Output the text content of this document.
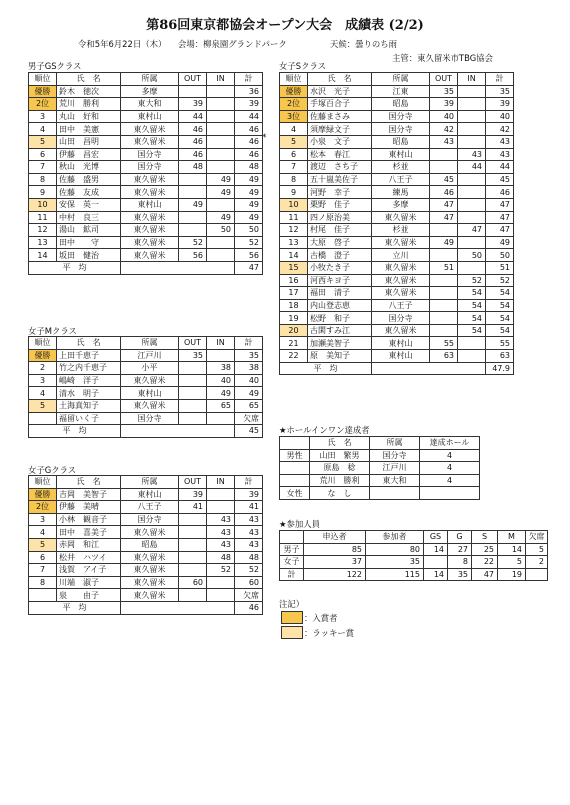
第86回東京都協会オープン大会　成績表 (2/2)
令和5年6月22日（木） 会場：柳泉園グランドパーク	天候：曇りのち雨
主管：東久留米市TBG協会
男子GSクラス
順位	氏　名	所属	OUT	IN	計
優勝	鈴木　徳次	多摩			36
2位	荒川　勝利	東大和	39		39
3	丸山　好和	東村山	44		44
4	田中　美憲	東久留米	46		46
5	山田　昌明	東久留米	46		46
6	伊藤　昌宏	国分寺	46		46
7	秋山　光博	国分寺	48		48
8	佐藤　盛男	東久留米		49	49
9	佐藤　友成	東久留米		49	49
10	安保　英一	東村山	49		49
11	中村　良三	東久留米		49	49
12	湯山　鉱司	東久留米		50	50
13	田中　　守	東久留米	52		52
14	坂田　健治	東久留米	56		56
平　均					47
*
女子Sクラス
順位	氏　名	所属	OUT	IN	計
優勝	水沢　光子	江東	35		35
2位	手塚百合子	昭島	39		39
3位	佐藤まさみ	国分寺	40		40
4	須摩緑文子	国分寺	42		42
5	小泉　文子	昭島	43		43
6	松本　春江	東村山		43	43
7	渡辺　さち子	杉並		44	44
8	五十嵐美佐子	八王子	45		45
9	河野　幸子	練馬	46		46
10	栗野　佳子	多摩	47		47
11	四ノ原治美	東久留米	47		47
12	村尾　佳子	杉並		47	47
13	大原　啓子	東久留米	49		49
14	古橋　澄子	立川		50	50
15	小牧たき子	東久留米	51		51
16	河西キヨ子	東久留米		52	52
17	福田　清子	東久留米		54	54
18	内山登志恵	八王子		54	54
19	松野　和子	国分寺		54	54
20	古閑すみ江	東久留米		54	54
21	加瀬美智子	東村山	55		55
22	原　美知子	東村山	63		63
平　均					47.9
女子Mクラス
順位	氏　名	所属	OUT	IN	計
優勝	上田千恵子	江戸川	35		35
2	竹之内千恵子	小平		38	38
3	嶋崎　洋子	東久留米		40	40
4	清水　明子	東村山		49	49
5	土海真知子	東久留米		65	65
	福留いく子	国分寺			欠席
平　均					45
女子Gクラス
順位	氏　名	所属	OUT	IN	計
優勝	吉岡　美智子	東村山	39		39
2位	伊藤　美晴	八王子	41		41
3	小林　観音子	国分寺		43	43
4	田中　喜美子	東久留米		43	43
5	赤岡　和江	昭島		43	43
6	松井　ハツイ	東久留米		48	48
7	浅賀　アイ子	東久留米		52	52
8	川端　淑子	東久留米	60		60
	泉　　由子	東久留米			欠席
平　均					46
★ホールインワン達成者
	氏　名	所属	達成ホール
男性	山田　繁男	国分寺	4
	原島　稔	江戸川	4
	荒川　勝利	東大和	4
女性	な　し		
★参加人員
	申込者	参加者	GS	G	S	M	欠席
男子	85	80	14	27	25	14	5
女子	37	35		8	22	5	2
計	122	115	14	35	47	19	
注記）
：入賞者
：ラッキー賞
